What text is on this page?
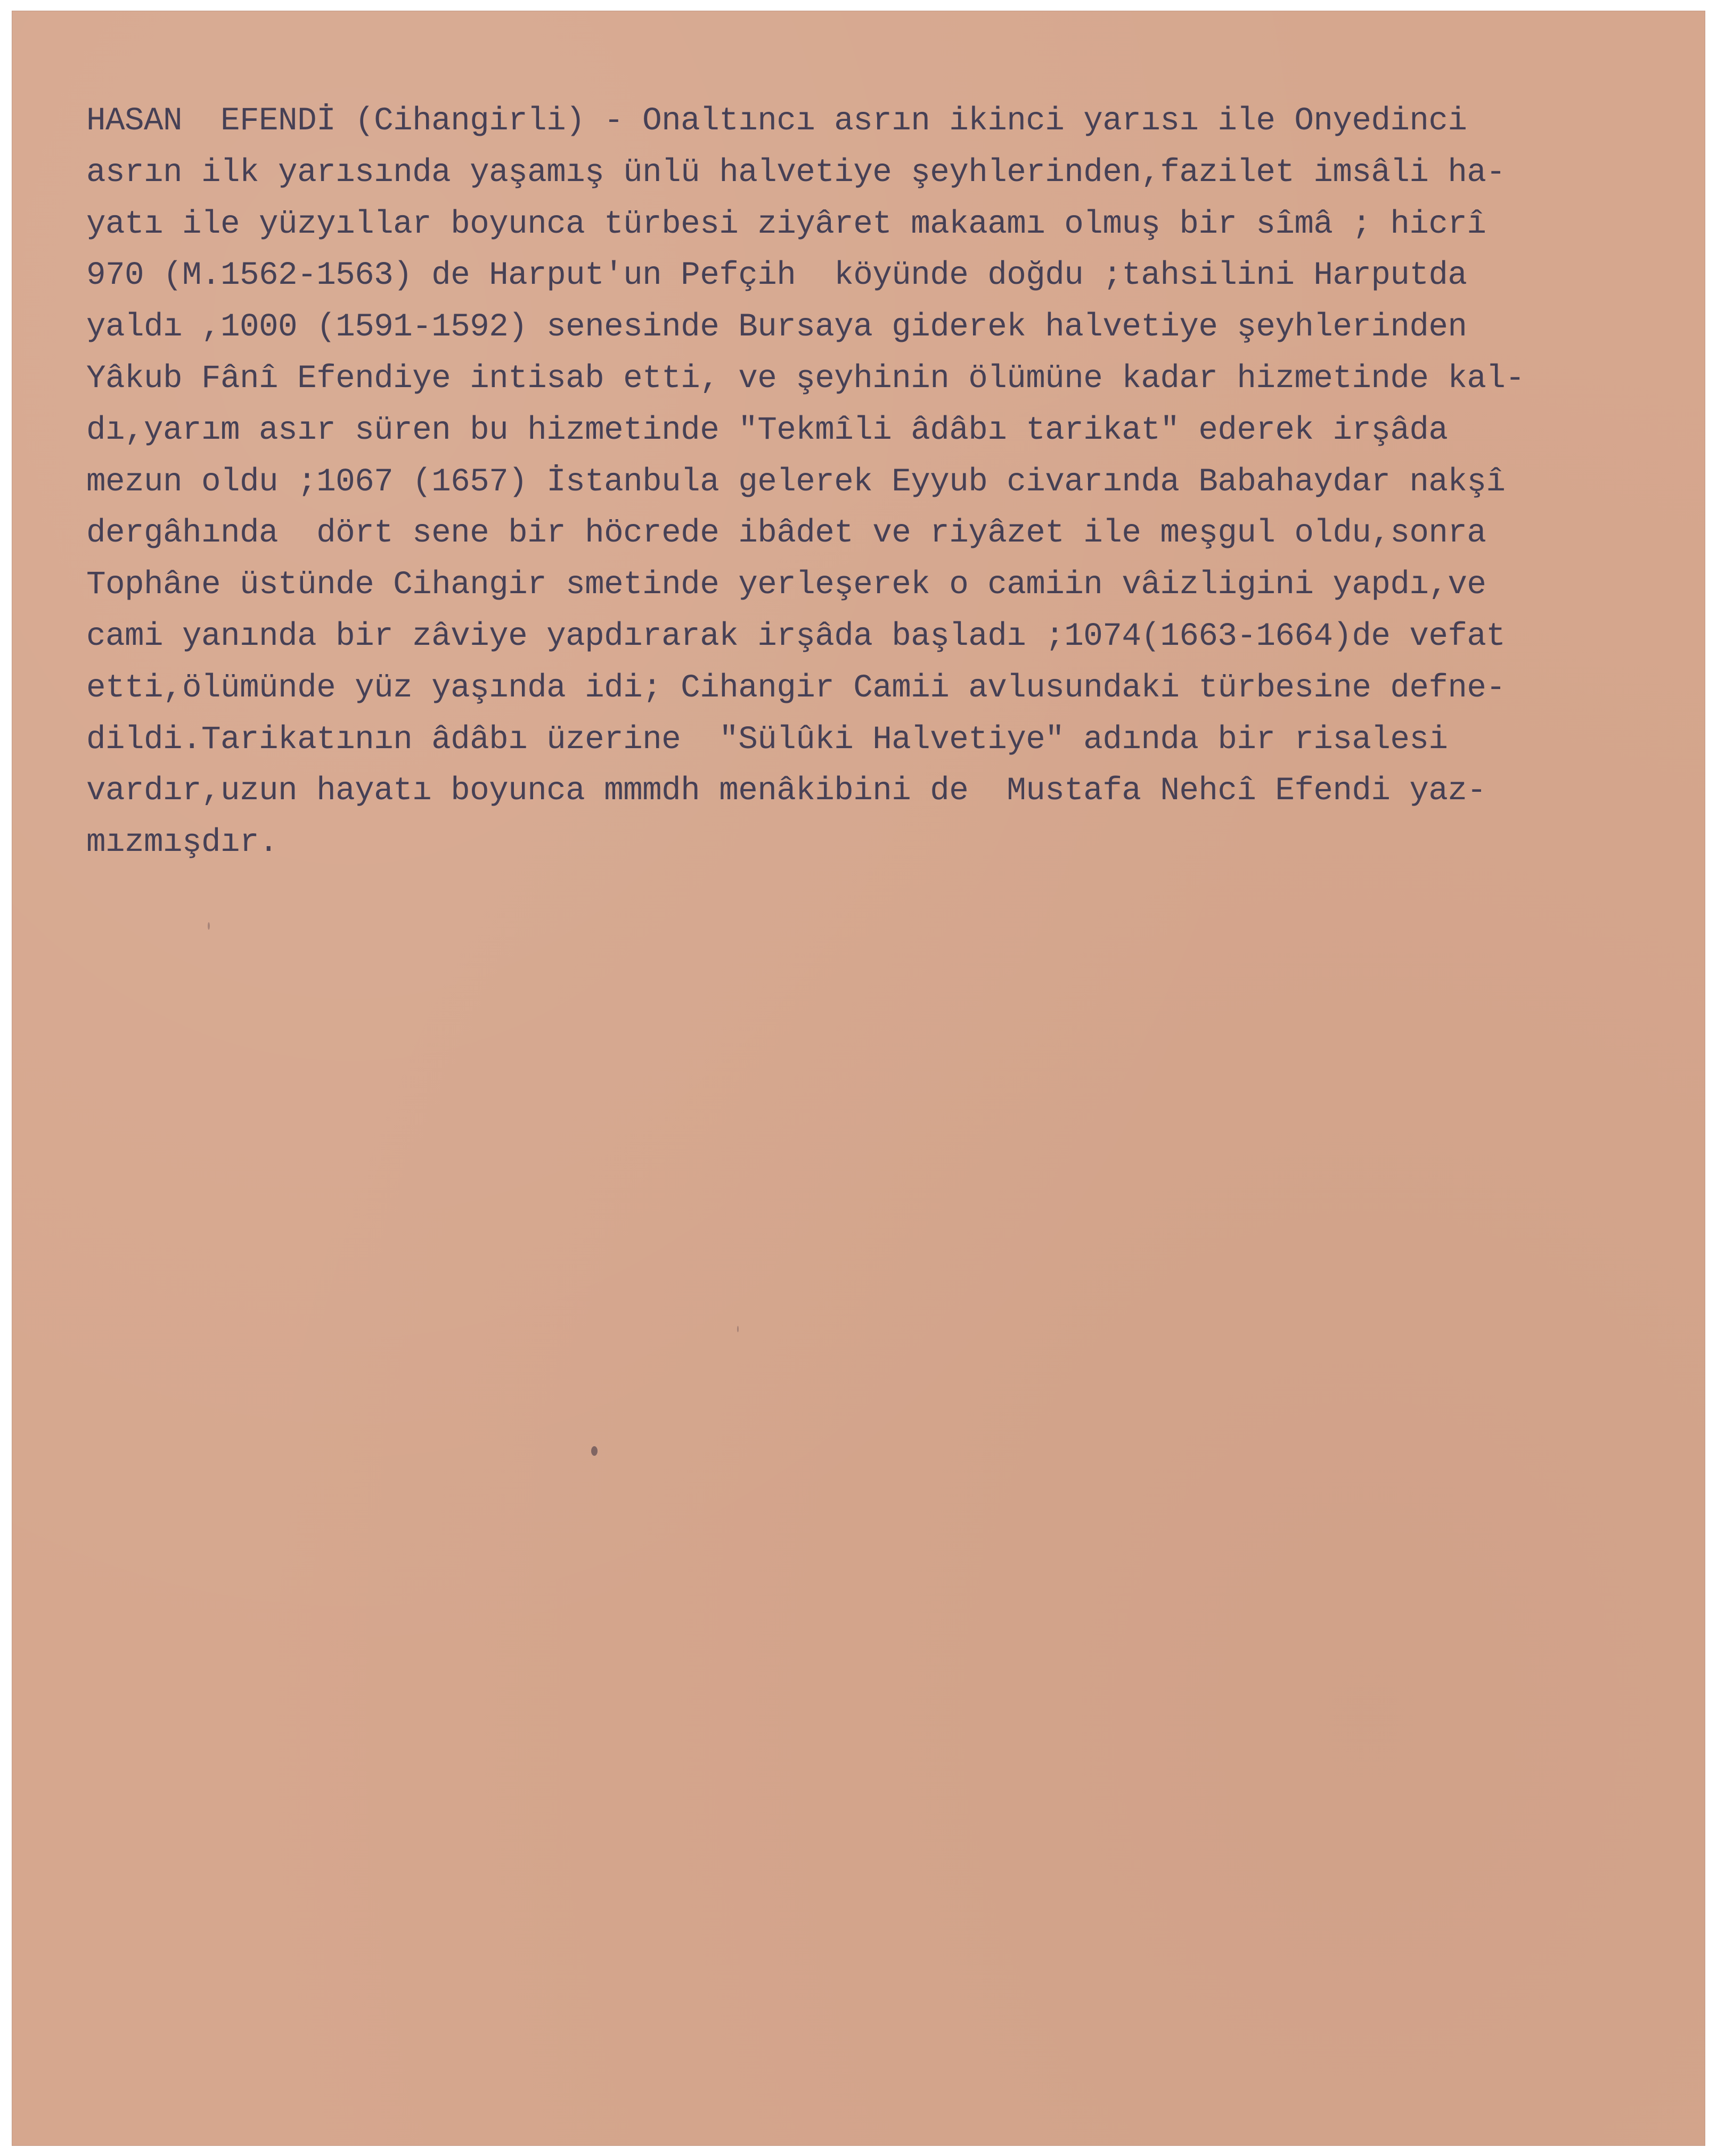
HASAN  EFENDİ (Cihangirli) - Onaltıncı asrın ikinci yarısı ile Onyedinci
asrın ilk yarısında yaşamış ünlü halvetiye şeyhlerinden,fazilet imsâli ha-
yatı ile yüzyıllar boyunca türbesi ziyâret makaamı olmuş bir sîmâ ; hicrî
970 (M.1562-1563) de Harput'un Pefçih  köyünde doğdu ;tahsilini Harputda
yaldı ,1000 (1591-1592) senesinde Bursaya giderek halvetiye şeyhlerinden
Yâkub Fânî Efendiye intisab etti, ve şeyhinin ölümüne kadar hizmetinde kal-
dı,yarım asır süren bu hizmetinde "Tekmîli âdâbı tarikat" ederek irşâda
mezun oldu ;1067 (1657) İstanbula gelerek Eyyub civarında Babahaydar nakşî
dergâhında  dört sene bir höcrede ibâdet ve riyâzet ile meşgul oldu,sonra
Tophâne üstünde Cihangir smetinde yerleşerek o camiin vâizligini yapdı,ve
cami yanında bir zâviye yapdırarak irşâda başladı ;1074(1663-1664)de vefat
etti,ölümünde yüz yaşında idi; Cihangir Camii avlusundaki türbesine defne-
dildi.Tarikatının âdâbı üzerine  "Sülûki Halvetiye" adında bir risalesi
vardır,uzun hayatı boyunca mmmdh menâkibini de  Mustafa Nehcî Efendi yaz-
mızmışdır.
